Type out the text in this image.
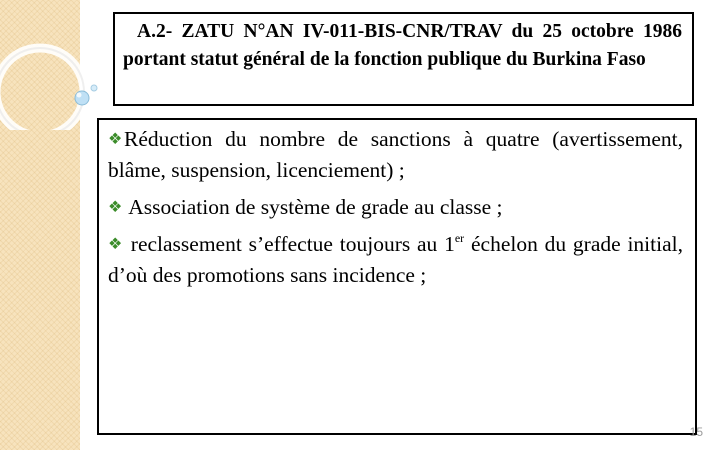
A.2- ZATU N°AN IV-011-BIS-CNR/TRAV du 25 octobre 1986 portant statut général de la fonction publique du Burkina Faso

❖Réduction du nombre de sanctions à quatre (avertissement, blâme, suspension, licenciement) ;

❖ Association de système de grade au classe ;

❖ reclassement s’effectue toujours au 1er échelon du grade initial, d’où des promotions sans incidence ;

15
